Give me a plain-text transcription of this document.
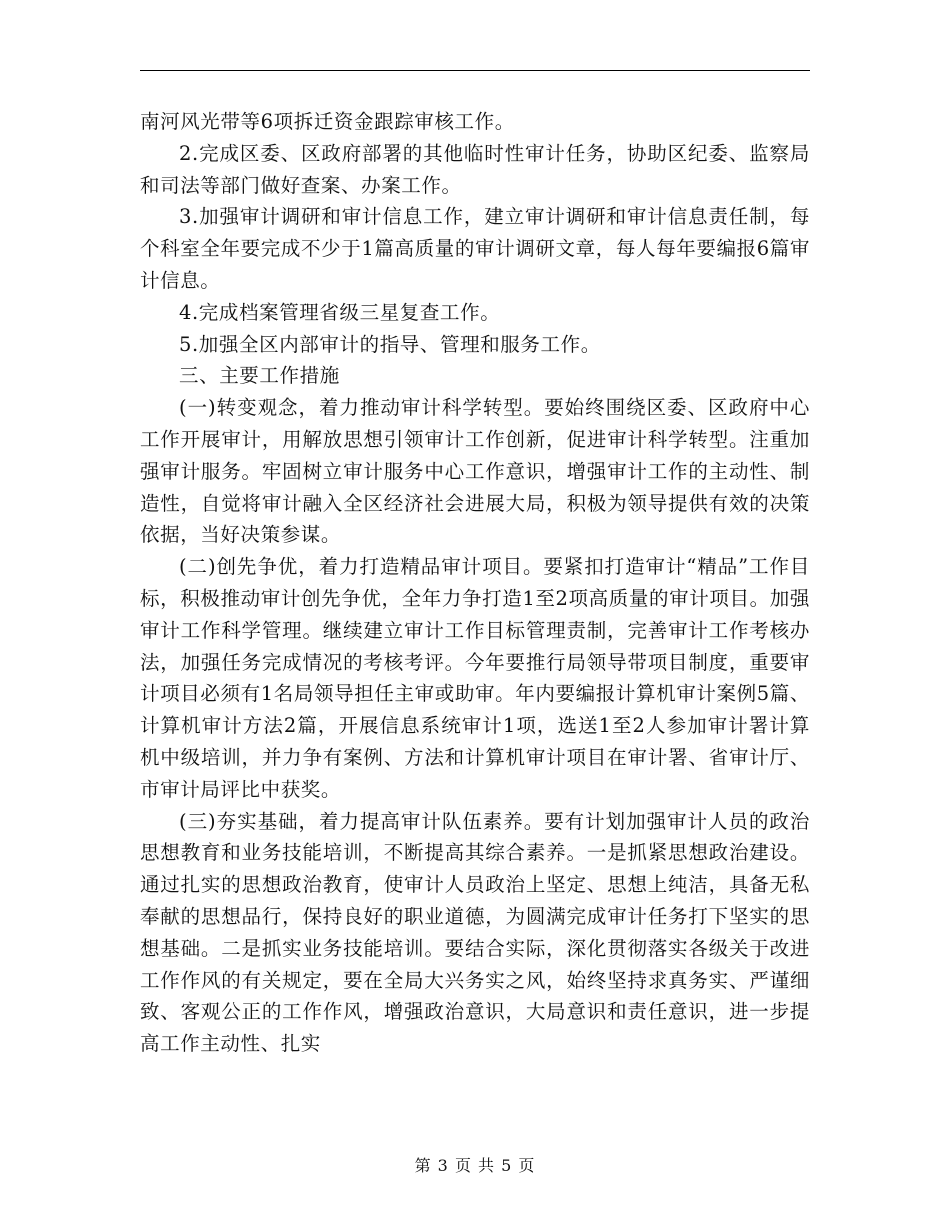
南河风光带等6项拆迁资金跟踪审核工作。

2.完成区委、区政府部署的其他临时性审计任务，协助区纪委、监察局和司法等部门做好查案、办案工作。

3.加强审计调研和审计信息工作，建立审计调研和审计信息责任制，每个科室全年要完成不少于1篇高质量的审计调研文章，每人每年要编报6篇审计信息。

4.完成档案管理省级三星复查工作。

5.加强全区内部审计的指导、管理和服务工作。

三、主要工作措施

(一)转变观念，着力推动审计科学转型。要始终围绕区委、区政府中心工作开展审计，用解放思想引领审计工作创新，促进审计科学转型。注重加强审计服务。牢固树立审计服务中心工作意识，增强审计工作的主动性、制造性，自觉将审计融入全区经济社会进展大局，积极为领导提供有效的决策依据，当好决策参谋。

(二)创先争优，着力打造精品审计项目。要紧扣打造审计“精品”工作目标，积极推动审计创先争优，全年力争打造1至2项高质量的审计项目。加强审计工作科学管理。继续建立审计工作目标管理责制，完善审计工作考核办法，加强任务完成情况的考核考评。今年要推行局领导带项目制度，重要审计项目必须有1名局领导担任主审或助审。年内要编报计算机审计案例5篇、计算机审计方法2篇，开展信息系统审计1项，选送1至2人参加审计署计算机中级培训，并力争有案例、方法和计算机审计项目在审计署、省审计厅、市审计局评比中获奖。

(三)夯实基础，着力提高审计队伍素养。要有计划加强审计人员的政治思想教育和业务技能培训，不断提高其综合素养。一是抓紧思想政治建设。通过扎实的思想政治教育，使审计人员政治上坚定、思想上纯洁，具备无私奉献的思想品行，保持良好的职业道德，为圆满完成审计任务打下坚实的思想基础。二是抓实业务技能培训。要结合实际，深化贯彻落实各级关于改进工作作风的有关规定，要在全局大兴务实之风，始终坚持求真务实、严谨细致、客观公正的工作作风，增强政治意识，大局意识和责任意识，进一步提高工作主动性、扎实

第 3 页 共 5 页
